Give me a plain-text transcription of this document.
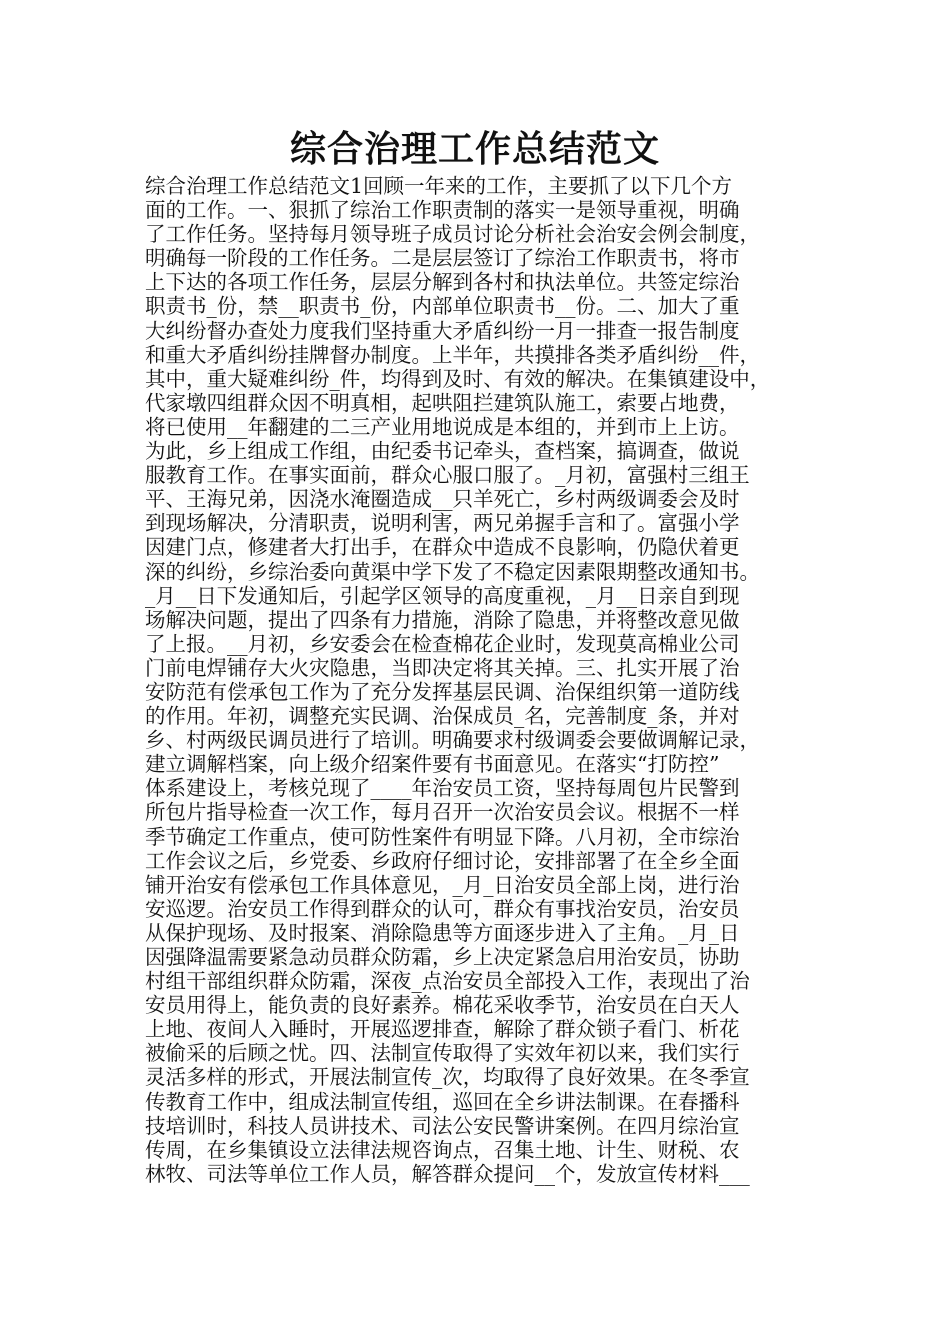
综合治理工作总结范文
综合治理工作总结范文1回顾一年来的工作，主要抓了以下几个方
面的工作。一、狠抓了综治工作职责制的落实一是领导重视，明确
了工作任务。坚持每月领导班子成员讨论分析社会治安会例会制度，
明确每一阶段的工作任务。二是层层签订了综治工作职责书，将市
上下达的各项工作任务，层层分解到各村和执法单位。共签定综治
职责书_份，禁__职责书_份，内部单位职责书__份。二、加大了重
大纠纷督办查处力度我们坚持重大矛盾纠纷一月一排查一报告制度
和重大矛盾纠纷挂牌督办制度。上半年，共摸排各类矛盾纠纷__件，
其中，重大疑难纠纷_件，均得到及时、有效的解决。在集镇建设中，
代家墩四组群众因不明真相，起哄阻拦建筑队施工，索要占地费，
将已使用__年翻建的二三产业用地说成是本组的，并到市上上访。
为此，乡上组成工作组，由纪委书记牵头，查档案，搞调查，做说
服教育工作。在事实面前，群众心服口服了。_月初，富强村三组王
平、王海兄弟，因浇水淹圈造成__只羊死亡，乡村两级调委会及时
到现场解决，分清职责，说明利害，两兄弟握手言和了。富强小学
因建门点，修建者大打出手，在群众中造成不良影响，仍隐伏着更
深的纠纷，乡综治委向黄渠中学下发了不稳定因素限期整改通知书。
_月__日下发通知后，引起学区领导的高度重视，_月__日亲自到现
场解决问题，提出了四条有力措施，消除了隐患，并将整改意见做
了上报。__月初，乡安委会在检查棉花企业时，发现莫高棉业公司
门前电焊铺存大火灾隐患，当即决定将其关掉。三、扎实开展了治
安防范有偿承包工作为了充分发挥基层民调、治保组织第一道防线
的作用。年初，调整充实民调、治保成员_名，完善制度_条，并对
乡、村两级民调员进行了培训。明确要求村级调委会要做调解记录，
建立调解档案，向上级介绍案件要有书面意见。在落实“打防控”
体系建设上，考核兑现了____年治安员工资，坚持每周包片民警到
所包片指导检查一次工作，每月召开一次治安员会议。根据不一样
季节确定工作重点，使可防性案件有明显下降。八月初，全市综治
工作会议之后，乡党委、乡政府仔细讨论，安排部署了在全乡全面
铺开治安有偿承包工作具体意见，_月_日治安员全部上岗，进行治
安巡逻。治安员工作得到群众的认可，群众有事找治安员，治安员
从保护现场、及时报案、消除隐患等方面逐步进入了主角。_月_日
因强降温需要紧急动员群众防霜，乡上决定紧急启用治安员，协助
村组干部组织群众防霜，深夜_点治安员全部投入工作，表现出了治
安员用得上，能负责的良好素养。棉花采收季节，治安员在白天人
上地、夜间人入睡时，开展巡逻排查，解除了群众锁子看门、析花
被偷采的后顾之忧。四、法制宣传取得了实效年初以来，我们实行
灵活多样的形式，开展法制宣传_次，均取得了良好效果。在冬季宣
传教育工作中，组成法制宣传组，巡回在全乡讲法制课。在春播科
技培训时，科技人员讲技术、司法公安民警讲案例。在四月综治宣
传周，在乡集镇设立法律法规咨询点，召集土地、计生、财税、农
林牧、司法等单位工作人员，解答群众提问__个，发放宣传材料___
